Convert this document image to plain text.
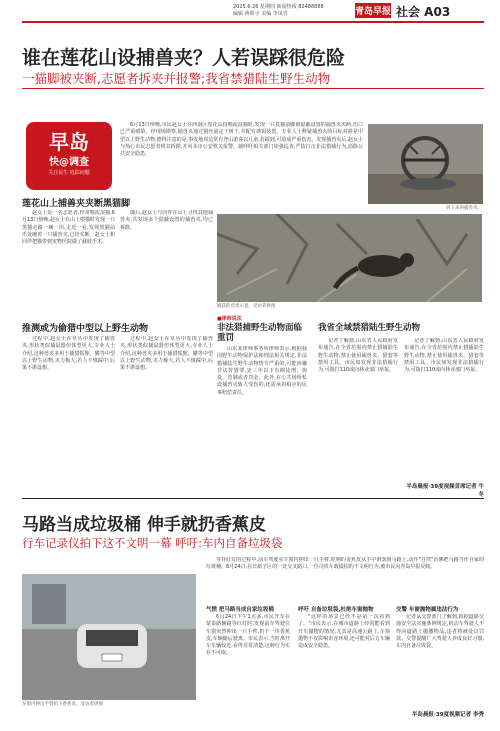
2025.6.26 星期四 新闻热线 82488888
编辑 蒋昭宇 美编 李凤青	青岛早报 社会 A03
谁在莲花山设捕兽夹？人若误踩很危险
一猫脚被夹断,志愿者拆夹并报警;我省禁猎陆生野生动物
早岛
快@调查
关注民生 追踪问题

6月13日傍晚,市民赵女士在西南区莲花山投喂流浪猫时,发现一只莫猫前脚被隐蔽设置的捕兽夹夹断,伤口已严重感染。经现场勘察,捕兽夹通过钢丝固定于树干,并配有诱饵装置。专业人士释疑捕兽夹的目标对准是中型以上野生动物,德得注意的是,事发地周边常有登山游客以儿童,若踩到,可造成严重伤害。发现捕兽夹后,赵女士与热心市民志愿者将其拆除,并向本市公安机关报警。她呼吁相关部门加强巡查,严防打击非法猎捕行为,消除公共安全隐患。

拆下来的捕兽夹。
莲花山上捕兽夹夹断黑猫脚

赵女士是一名志愿者,经常喂流浪猫,6月13日傍晚,赵女士在山上喂猫时发现一只黑猫走路一瘸一拐,走近一看,发现黑猫前爪处缠着一只捕兽夹,已经夹断。赵女士和同伴把猫带到宠物医院做了截肢手术。

随后,赵女士与同伴在山上寻找其他捕兽夹,共发现多个隐蔽设置的捕兽夹,均已拆除。

捕获的兽类示意。受访者供图
推测或为偷猎中型以上野生动物

过程中,赵女士在草丛中发现了捕兽夹,形状类似捕鼠器但体型更大,专业人士介绍,这种兽夹多用于捕猎狐狸、獾等中型以上野生动物,夹力极大,若人不慎踩中,后果不堪设想。

过程中,赵女士在草丛中发现了捕兽夹,形状类似捕鼠器但体型更大,专业人士介绍,这种兽夹多用于捕猎狐狸、獾等中型以上野生动物,夹力极大,若人不慎踩中,后果不堪设想。

■律师说法
非法猎捕野生动物面临重罚

山东某律师事务所律师表示,根据我国野生动物保护法和刑法相关规定,非法猎捕陆生野生动物情节严重的,可能涉嫌非法狩猎罪,处三年以下有期徒刑、拘役、管制或者罚金。此外,在公共场所私设捕兽夹致人受伤的,还需承担相应的民事赔偿责任。

我省全域禁猎陆生野生动物

记者了解到,山东省人民政府发布通告,在全省范围内禁止猎捕陆生野生动物,禁止使用捕兽夹、猎套等禁用工具。市民如发现非法猎捕行为,可拨打110或向林业部门举报。

记者了解到,山东省人民政府发布通告,在全省范围内禁止猎捕陆生野生动物,禁止使用捕兽夹、猎套等禁用工具。市民如发现非法猎捕行为,可拨打110或向林业部门举报。

半岛晨报·39度视频首席记者 牛冬
马路当成垃圾桶 伸手就扔香蕉皮
行车记录仪拍下这不文明一幕 呼吁:车内自备垃圾袋
车窗内伸出手臂扔下香蕉皮。受访者供图

等待红灯的过程中,前车驾驶室车窗内伸出一只手臂,吃剩的香蕉皮从手中滑落到马路上,动作"自然"仿佛把马路当作自家的垃圾桶。6月24日,在日新子区的一处交叉路口,一位司机车载镜拍的不文明行为,被市民向青岛早报反映。

气愤 把马路当成自家垃圾桶

6月24日下午1点多,市民开车在蒙泰路辅路等红灯时,发现前车驾驶位车窗突然伸出一只手臂,扔下一块香蕉皮,车辆随后驶离。市民表示,当时离开车车辆较近,看得非常清楚,这种行为实在不可取。

呼吁 自备垃圾袋,杜绝车窗抛物

"这样的场景已经不是第一次看到了。"市民表示,在城市道路上经常能看到开车抛物的情况,尤其是高速公路上,车窗抛物不仅影响市容环境,还可能对后方车辆造成安全隐患。

交警 车窗抛物属违法行为

记者从交警部门了解到,根据道路交通安全法实施条例规定,机动车驾驶人不得向道路上抛撒物品,违者将被处以罚款。交警提醒广大驾驶人养成良好习惯,车内自备垃圾袋。

半岛晨报·39度视频记者 李秀
